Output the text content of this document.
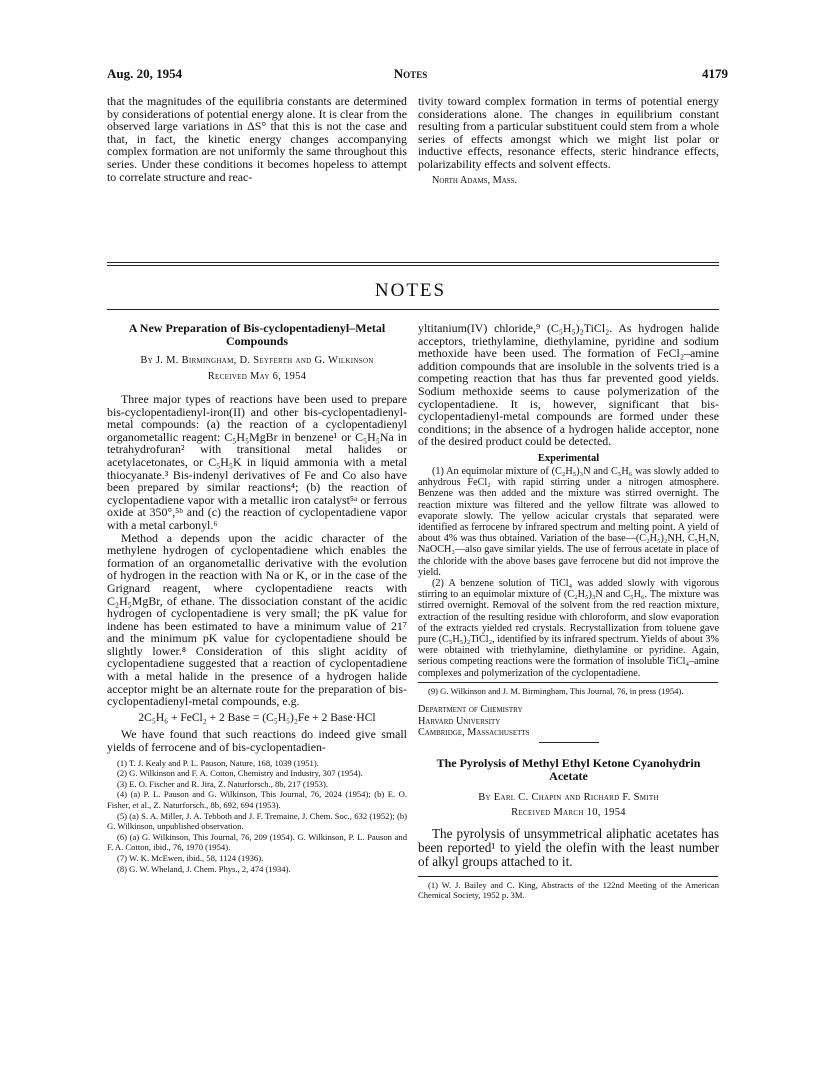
Aug. 20, 1954	Notes	4179

that the magnitudes of the equilibria constants are determined by considerations of potential energy alone. It is clear from the observed large variations in ΔS° that this is not the case and that, in fact, the kinetic energy changes accompanying complex formation are not uniformly the same throughout this series. Under these conditions it becomes hopeless to attempt to correlate structure and reac-

tivity toward complex formation in terms of potential energy considerations alone. The changes in equilibrium constant resulting from a particular substituent could stem from a whole series of effects amongst which we might list polar or inductive effects, resonance effects, steric hindrance effects, polarizability effects and solvent effects.

North Adams, Mass.

NOTES

A New Preparation of Bis-cyclopentadienyl–Metal Compounds

By J. M. Birmingham, D. Seyferth and G. Wilkinson

Received May 6, 1954

Three major types of reactions have been used to prepare bis-cyclopentadienyl-iron(II) and other bis-cyclopentadienyl-metal compounds: (a) the reaction of a cyclopentadienyl organometallic reagent: C₅H₅MgBr in benzene¹ or C₅H₅Na in tetrahydrofuran² with transitional metal halides or acetylacetonates, or C₅H₅K in liquid ammonia with a metal thiocyanate.³ Bis-indenyl derivatives of Fe and Co also have been prepared by similar reactions⁴; (b) the reaction of cyclopentadiene vapor with a metallic iron catalyst⁵ᵃ or ferrous oxide at 350°,⁵ᵇ and (c) the reaction of cyclopentadiene vapor with a metal carbonyl.⁶

Method a depends upon the acidic character of the methylene hydrogen of cyclopentadiene which enables the formation of an organometallic derivative with the evolution of hydrogen in the reaction with Na or K, or in the case of the Grignard reagent, where cyclopentadiene reacts with C₂H₅MgBr, of ethane. The dissociation constant of the acidic hydrogen of cyclopentadiene is very small; the pK value for indene has been estimated to have a minimum value of 21⁷ and the minimum pK value for cyclopentadiene should be slightly lower.⁸ Consideration of this slight acidity of cyclopentadiene suggested that a reaction of cyclopentadiene with a metal halide in the presence of a hydrogen halide acceptor might be an alternate route for the preparation of bis-cyclopentadienyl-metal compounds, e.g.

2C₅H₆ + FeCl₂ + 2 Base = (C₅H₅)₂Fe + 2 Base·HCl

We have found that such reactions do indeed give small yields of ferrocene and of bis-cyclopentadien-

(1) T. J. Kealy and P. L. Pauson, Nature, 168, 1039 (1951).

(2) G. Wilkinson and F. A. Cotton, Chemistry and Industry, 307 (1954).

(3) E. O. Fischer and R. Jira, Z. Naturforsch., 8b, 217 (1953).

(4) (a) P. L. Pauson and G. Wilkinson, This Journal, 76, 2024 (1954); (b) E. O. Fisher, et al., Z. Naturforsch., 8b, 692, 694 (1953).

(5) (a) S. A. Miller, J. A. Tebboth and J. F. Tremaine, J. Chem. Soc., 632 (1952); (b) G. Wilkinson, unpublished observation.

(6) (a) G. Wilkinson, This Journal, 76, 209 (1954). G. Wilkinson, P. L. Pauson and F. A. Cotton, ibid., 76, 1970 (1954).

(7) W. K. McEwen, ibid., 58, 1124 (1936).

(8) G. W. Wheland, J. Chem. Phys., 2, 474 (1934).

yltitanium(IV) chloride,⁹ (C₅H₅)₂TiCl₂. As hydrogen halide acceptors, triethylamine, diethylamine, pyridine and sodium methoxide have been used. The formation of FeCl₂–amine addition compounds that are insoluble in the solvents tried is a competing reaction that has thus far prevented good yields. Sodium methoxide seems to cause polymerization of the cyclopentadiene. It is, however, significant that bis-cyclopentadienyl-metal compounds are formed under these conditions; in the absence of a hydrogen halide acceptor, none of the desired product could be detected.

Experimental

(1) An equimolar mixture of (C₂H₅)₃N and C₅H₆ was slowly added to anhydrous FeCl₂ with rapid stirring under a nitrogen atmosphere. Benzene was then added and the mixture was stirred overnight. The reaction mixture was filtered and the yellow filtrate was allowed to evaporate slowly. The yellow acicular crystals that separated were identified as ferrocene by infrared spectrum and melting point. A yield of about 4% was thus obtained. Variation of the base—(C₂H₅)₂NH, C₅H₅N, NaOCH₃—also gave similar yields. The use of ferrous acetate in place of the chloride with the above bases gave ferrocene but did not improve the yield.

(2) A benzene solution of TiCl₄ was added slowly with vigorous stirring to an equimolar mixture of (C₂H₅)₃N and C₅H₆. The mixture was stirred overnight. Removal of the solvent from the red reaction mixture, extraction of the resulting residue with chloroform, and slow evaporation of the extracts yielded red crystals. Recrystallization from toluene gave pure (C₅H₅)₂TiCl₂, identified by its infrared spectrum. Yields of about 3% were obtained with triethylamine, diethylamine or pyridine. Again, serious competing reactions were the formation of insoluble TiCl₄–amine complexes and polymerization of the cyclopentadiene.

(9) G. Wilkinson and J. M. Birmingham, This Journal, 76, in press (1954).

Department of Chemistry

Harvard University

Cambridge, Massachusetts

The Pyrolysis of Methyl Ethyl Ketone Cyanohydrin Acetate

By Earl C. Chapin and Richard F. Smith

Received March 10, 1954

The pyrolysis of unsymmetrical aliphatic acetates has been reported¹ to yield the olefin with the least number of alkyl groups attached to it.

(1) W. J. Bailey and C. King, Abstracts of the 122nd Meeting of the American Chemical Society, 1952 p. 3M.
